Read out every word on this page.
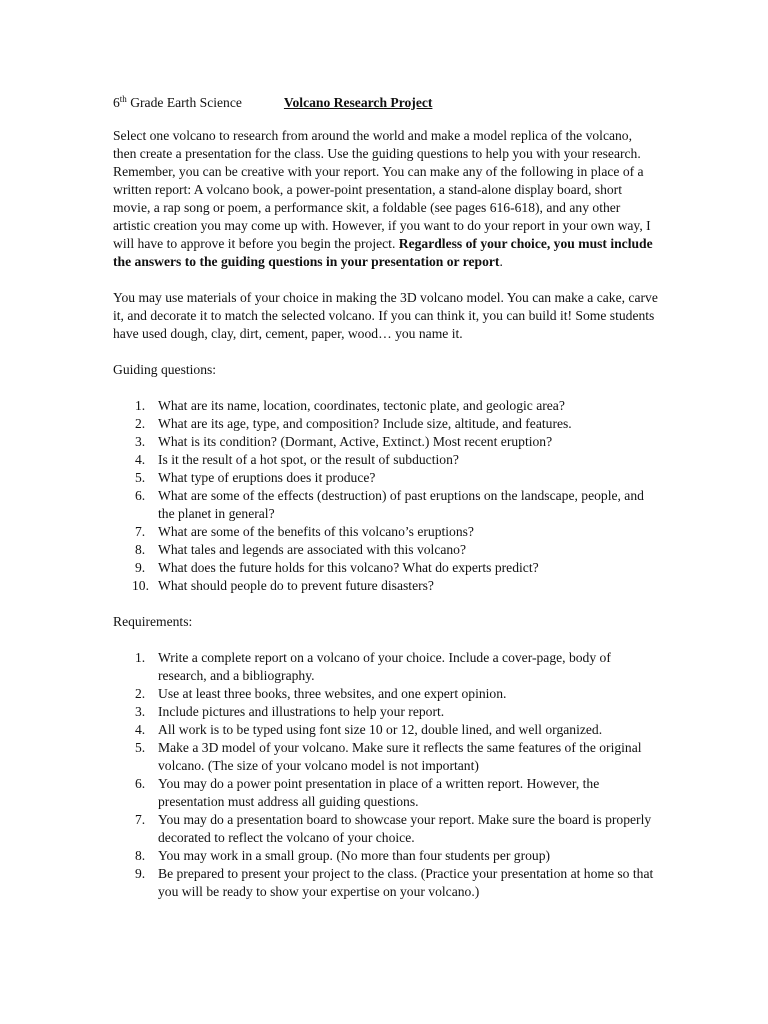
6th Grade Earth Science	Volcano Research Project

Select one volcano to research from around the world and make a model replica of the volcano, then create a presentation for the class. Use the guiding questions to help you with your research. Remember, you can be creative with your report. You can make any of the following in place of a written report: A volcano book, a power-point presentation, a stand-alone display board, short movie, a rap song or poem, a performance skit, a foldable (see pages 616-618), and any other artistic creation you may come up with. However, if you want to do your report in your own way, I will have to approve it before you begin the project. Regardless of your choice, you must include the answers to the guiding questions in your presentation or report.

You may use materials of your choice in making the 3D volcano model. You can make a cake, carve it, and decorate it to match the selected volcano. If you can think it, you can build it! Some students have used dough, clay, dirt, cement, paper, wood… you name it.

Guiding questions:
1. What are its name, location, coordinates, tectonic plate, and geologic area?
2. What are its age, type, and composition? Include size, altitude, and features.
3. What is its condition? (Dormant, Active, Extinct.) Most recent eruption?
4. Is it the result of a hot spot, or the result of subduction?
5. What type of eruptions does it produce?
6. What are some of the effects (destruction) of past eruptions on the landscape, people, and the planet in general?
7. What are some of the benefits of this volcano’s eruptions?
8. What tales and legends are associated with this volcano?
9. What does the future holds for this volcano? What do experts predict?
10. What should people do to prevent future disasters?
Requirements:
1. Write a complete report on a volcano of your choice. Include a cover-page, body of research, and a bibliography.
2. Use at least three books, three websites, and one expert opinion.
3. Include pictures and illustrations to help your report.
4. All work is to be typed using font size 10 or 12, double lined, and well organized.
5. Make a 3D model of your volcano. Make sure it reflects the same features of the original volcano. (The size of your volcano model is not important)
6. You may do a power point presentation in place of a written report. However, the presentation must address all guiding questions.
7. You may do a presentation board to showcase your report. Make sure the board is properly decorated to reflect the volcano of your choice.
8. You may work in a small group. (No more than four students per group)
9. Be prepared to present your project to the class. (Practice your presentation at home so that you will be ready to show your expertise on your volcano.)
